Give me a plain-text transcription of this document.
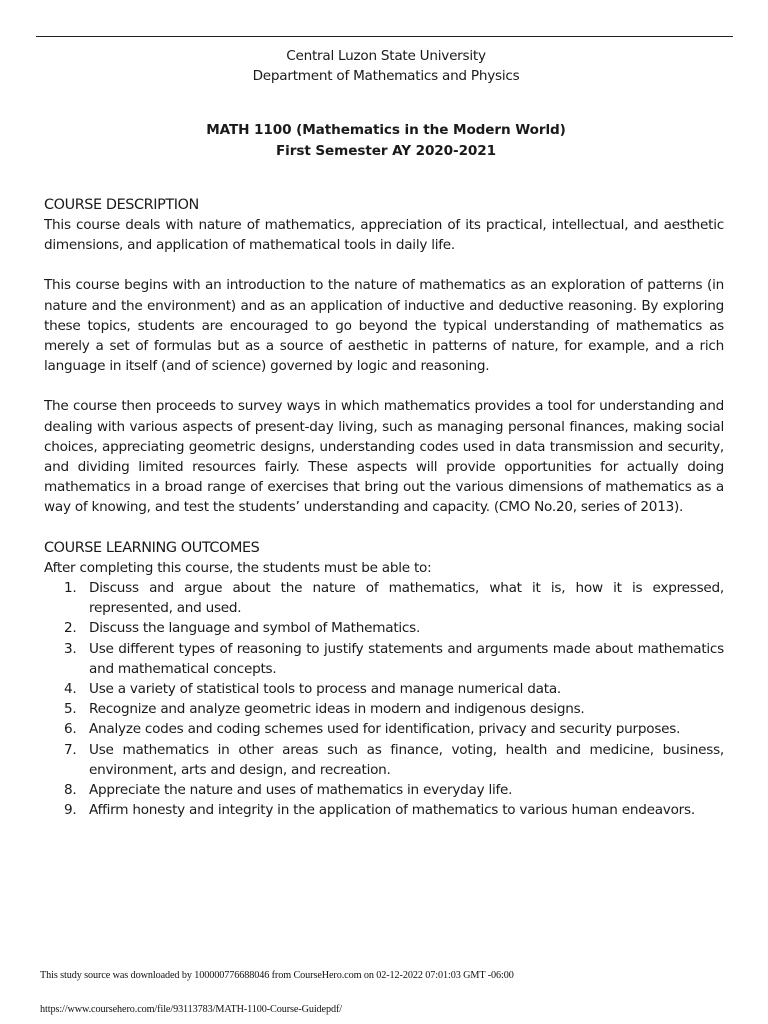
Central Luzon State University

Department of Mathematics and Physics

MATH 1100 (Mathematics in the Modern World)

First Semester AY 2020-2021

COURSE DESCRIPTION

This course deals with nature of mathematics, appreciation of its practical, intellectual, and aesthetic dimensions, and application of mathematical tools in daily life.

This course begins with an introduction to the nature of mathematics as an exploration of patterns (in nature and the environment) and as an application of inductive and deductive reasoning. By exploring these topics, students are encouraged to go beyond the typical understanding of mathematics as merely a set of formulas but as a source of aesthetic in patterns of nature, for example, and a rich language in itself (and of science) governed by logic and reasoning.

The course then proceeds to survey ways in which mathematics provides a tool for understanding and dealing with various aspects of present-day living, such as managing personal finances, making social choices, appreciating geometric designs, understanding codes used in data transmission and security, and dividing limited resources fairly. These aspects will provide opportunities for actually doing mathematics in a broad range of exercises that bring out the various dimensions of mathematics as a way of knowing, and test the students’ understanding and capacity. (CMO No.20, series of 2013).

COURSE LEARNING OUTCOMES

After completing this course, the students must be able to:

1. Discuss and argue about the nature of mathematics, what it is, how it is expressed, represented, and used.
2. Discuss the language and symbol of Mathematics.
3. Use different types of reasoning to justify statements and arguments made about mathematics and mathematical concepts.
4. Use a variety of statistical tools to process and manage numerical data.
5. Recognize and analyze geometric ideas in modern and indigenous designs.
6. Analyze codes and coding schemes used for identification, privacy and security purposes.
7. Use mathematics in other areas such as finance, voting, health and medicine, business, environment, arts and design, and recreation.
8. Appreciate the nature and uses of mathematics in everyday life.
9. Affirm honesty and integrity in the application of mathematics to various human endeavors.
This study source was downloaded by 100000776688046 from CourseHero.com on 02-12-2022 07:01:03 GMT -06:00
https://www.coursehero.com/file/93113783/MATH-1100-Course-Guidepdf/
